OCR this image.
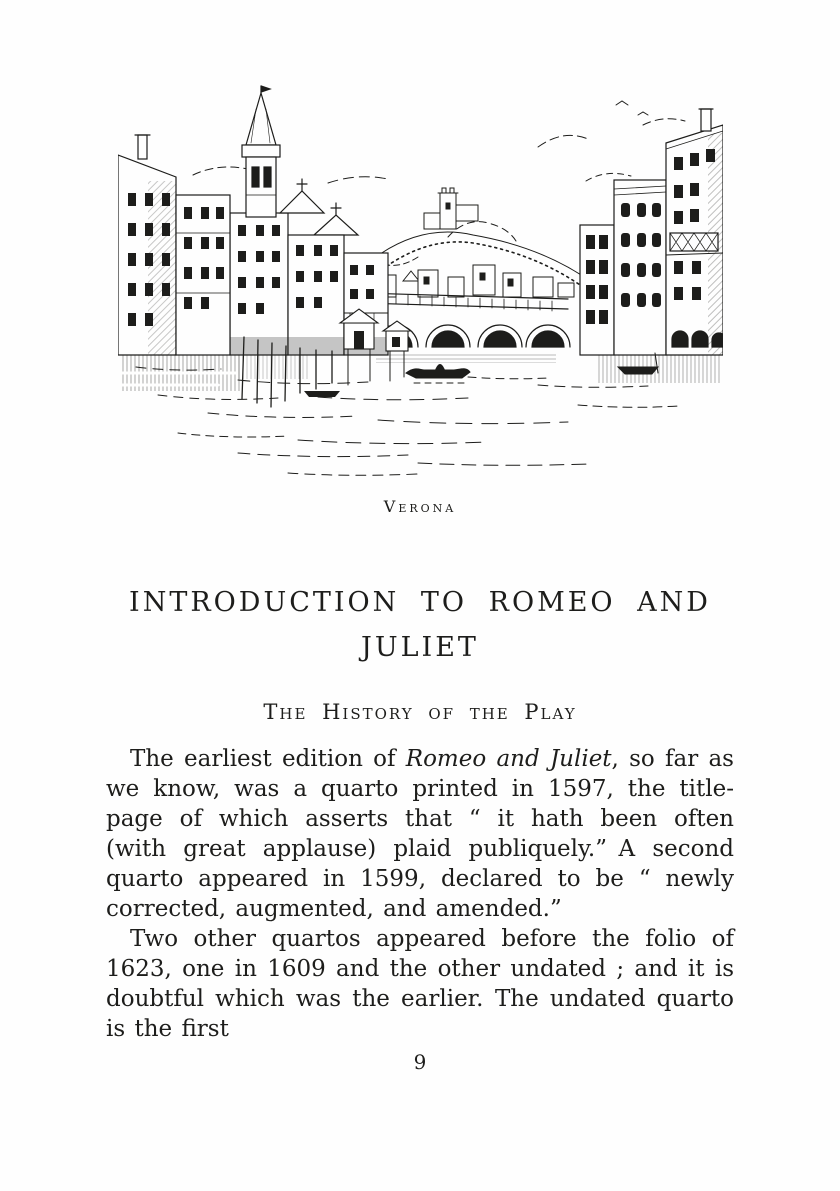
Verona
INTRODUCTION TO ROMEO AND
JULIET
The History of the Play

The earliest edition of Romeo and Juliet, so far as we know, was a quarto printed in 1597, the title-page of which asserts that “ it hath been often (with great applause) plaid publiquely.” A second quarto appeared in 1599, declared to be “ newly corrected, augmented, and amended.”

Two other quartos appeared before the folio of 1623, one in 1609 and the other undated ; and it is doubtful which was the earlier. The undated quarto is the first

9
